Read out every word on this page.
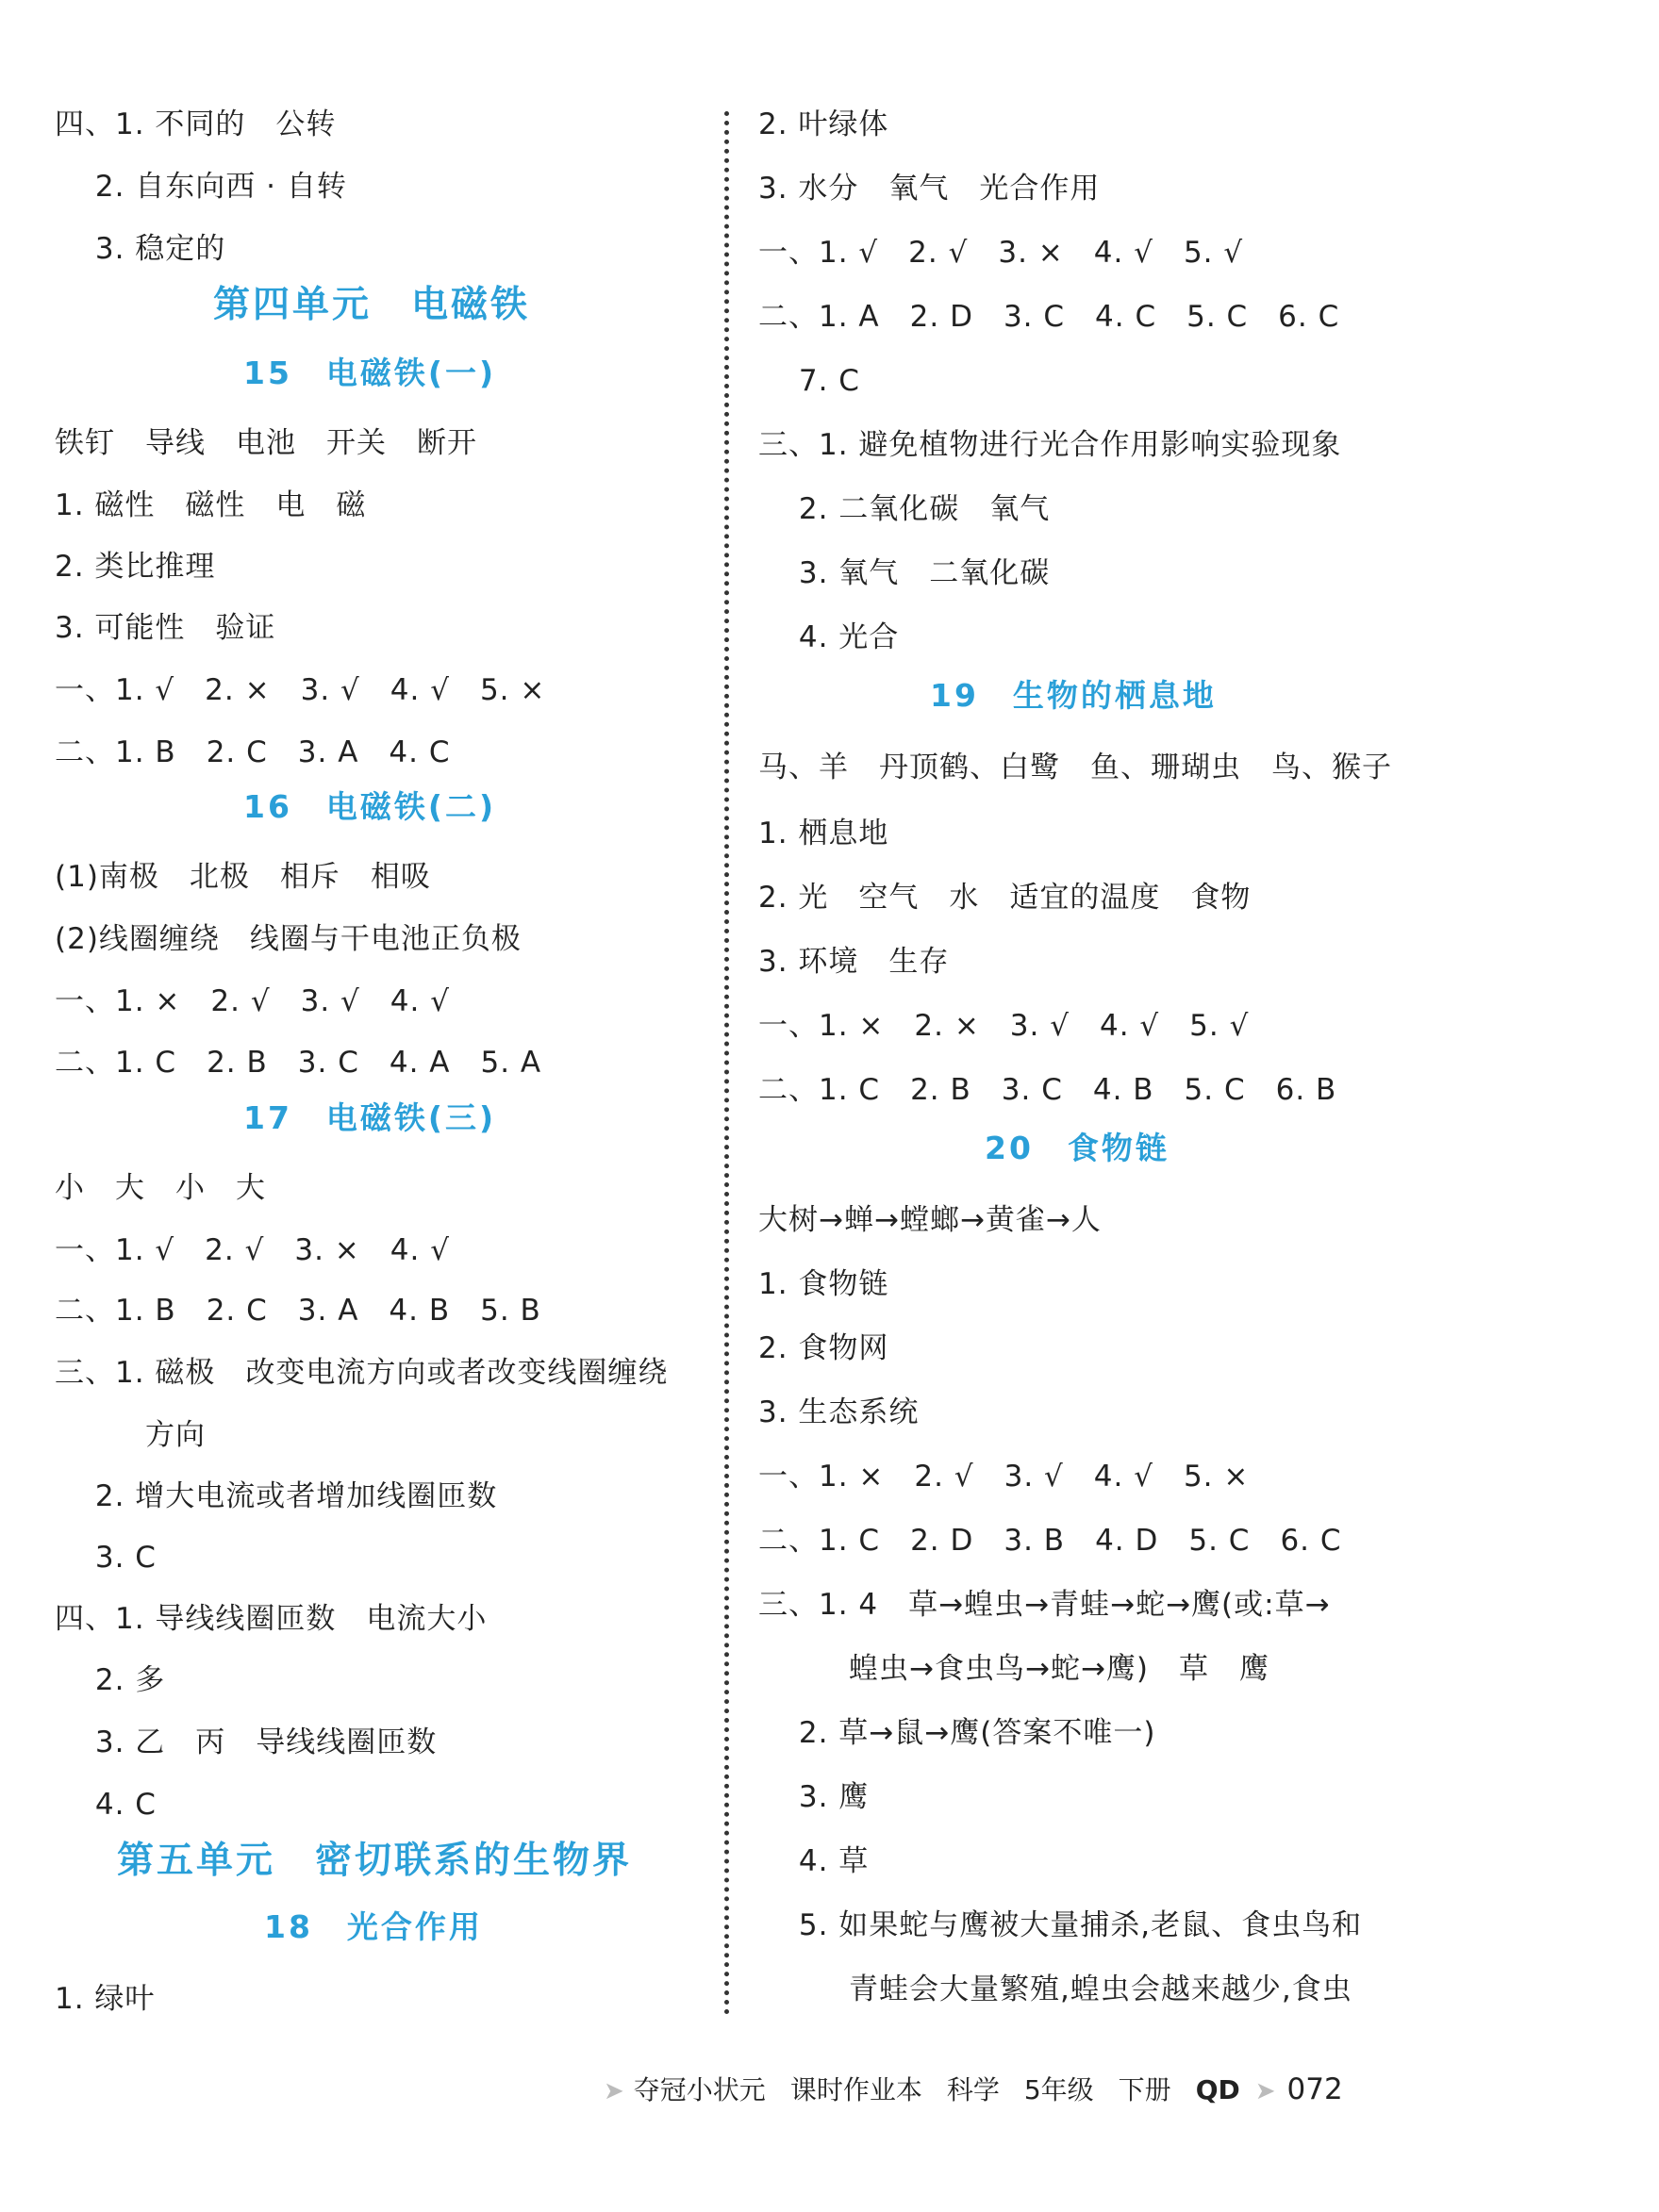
四、1. 不同的　公转
　 2. 自东向西 · 自转
　 3. 稳定的
第四单元　电磁铁
15　电磁铁(一)
铁钉　导线　电池　开关　断开
1. 磁性　磁性　电　磁
2. 类比推理
3. 可能性　验证
一、1. √　2. ×　3. √　4. √　5. ×
二、1. B　2. C　3. A　4. C
16　电磁铁(二)
(1)南极　北极　相斥　相吸
(2)线圈缠绕　线圈与干电池正负极
一、1. ×　2. √　3. √　4. √
二、1. C　2. B　3. C　4. A　5. A
17　电磁铁(三)
小　大　小　大
一、1. √　2. √　3. ×　4. √
二、1. B　2. C　3. A　4. B　5. B
三、1. 磁极　改变电流方向或者改变线圈缠绕
　　　方向
　 2. 增大电流或者增加线圈匝数
　 3. C
四、1. 导线线圈匝数　电流大小
　 2. 多
　 3. 乙　丙　导线线圈匝数
　 4. C
第五单元　密切联系的生物界
18　光合作用
1. 绿叶
2. 叶绿体
3. 水分　氧气　光合作用
一、1. √　2. √　3. ×　4. √　5. √
二、1. A　2. D　3. C　4. C　5. C　6. C
　 7. C
三、1. 避免植物进行光合作用影响实验现象
　 2. 二氧化碳　氧气
　 3. 氧气　二氧化碳
　 4. 光合
19　生物的栖息地
马、羊　丹顶鹤、白鹭　鱼、珊瑚虫　鸟、猴子
1. 栖息地
2. 光　空气　水　适宜的温度　食物
3. 环境　生存
一、1. ×　2. ×　3. √　4. √　5. √
二、1. C　2. B　3. C　4. B　5. C　6. B
20　食物链
大树→蝉→螳螂→黄雀→人
1. 食物链
2. 食物网
3. 生态系统
一、1. ×　2. √　3. √　4. √　5. ×
二、1. C　2. D　3. B　4. D　5. C　6. C
三、1. 4　草→蝗虫→青蛙→蛇→鹰(或:草→
　　　蝗虫→食虫鸟→蛇→鹰)　草　鹰
　 2. 草→鼠→鹰(答案不唯一)
　 3. 鹰
　 4. 草
　 5. 如果蛇与鹰被大量捕杀,老鼠、食虫鸟和
　　　青蛙会大量繁殖,蝗虫会越来越少,食虫
➤ 夺冠小状元 课时作业本 科学 5年级 下册 QD ➤ 072
